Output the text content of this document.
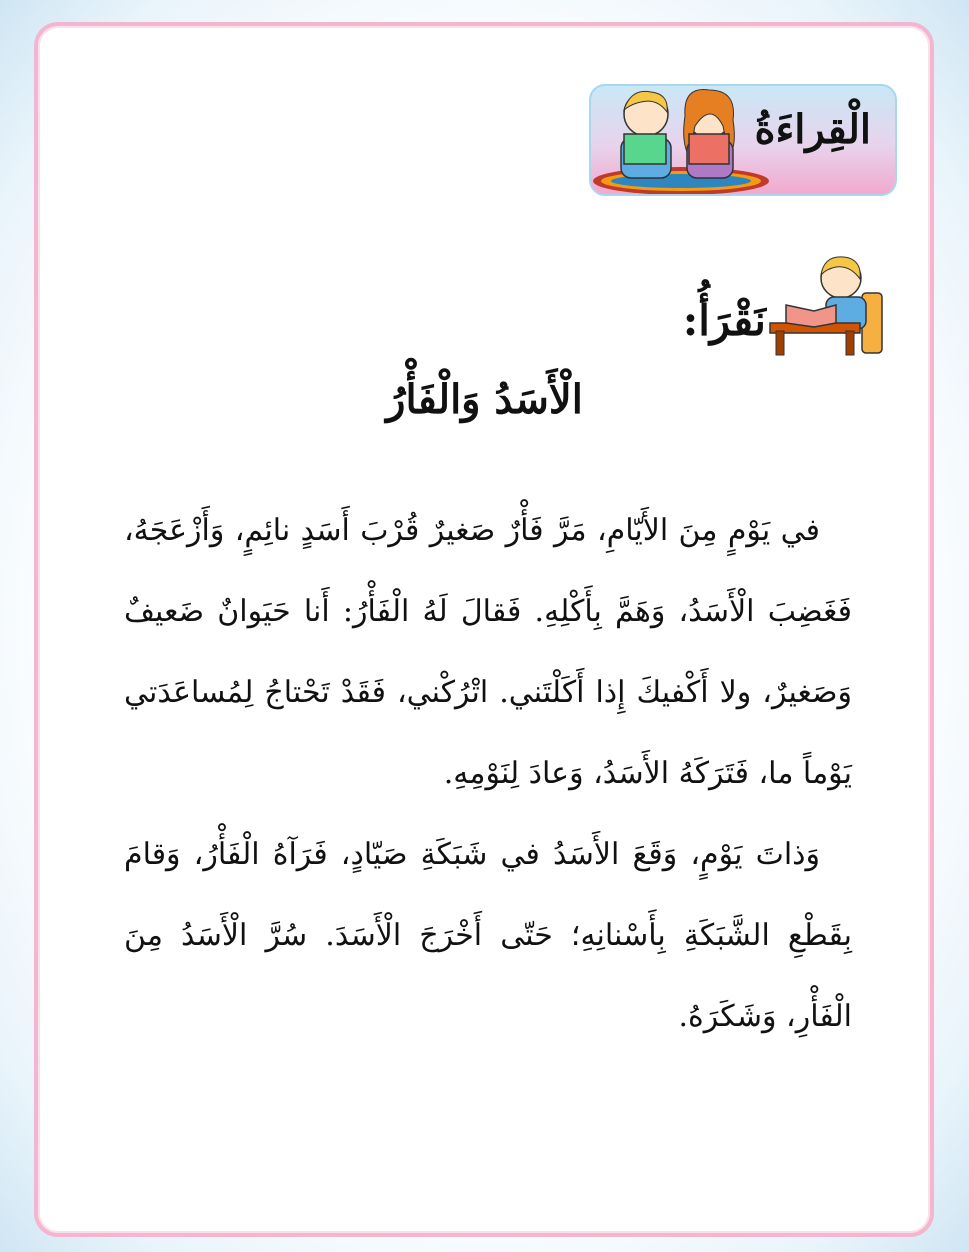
الْقِراءَةُ
نَقْرَأُ:
الْأَسَدُ وَالْفَأْرُ

في يَوْمٍ مِنَ الأَيّامِ، مَرَّ فَأْرٌ صَغيرٌ قُرْبَ أَسَدٍ نائِمٍ، وَأَزْعَجَهُ، فَغَضِبَ الْأَسَدُ، وَهَمَّ بِأَكْلِهِ. فَقالَ لَهُ الْفَأْرُ: أَنا حَيَوانٌ ضَعيفٌ وَصَغيرٌ، ولا أَكْفيكَ إِذا أَكَلْتَني. اتْرُكْني، فَقَدْ تَحْتاجُ لِمُساعَدَتي يَوْماً ما، فَتَرَكَهُ الأَسَدُ، وَعادَ لِنَوْمِهِ.

وَذاتَ يَوْمٍ، وَقَعَ الأَسَدُ في شَبَكَةِ صَيّادٍ، فَرَآهُ الْفَأْرُ، وَقامَ بِقَطْعِ الشَّبَكَةِ بِأَسْنانِهِ؛ حَتّى أَخْرَجَ الْأَسَدَ. سُرَّ الْأَسَدُ مِنَ الْفَأْرِ، وَشَكَرَهُ.
